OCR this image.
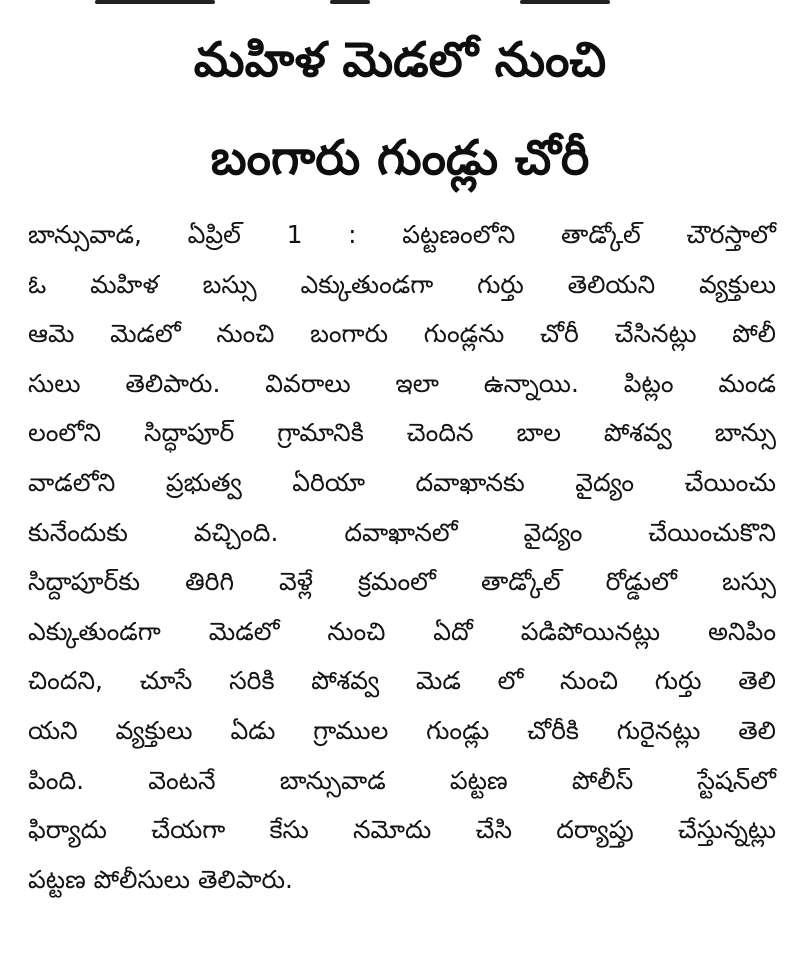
మహిళ మెడలో నుంచి
బంగారు గుండ్లు చోరీ
బాన్సువాడ, ఏప్రిల్ 1 : పట్టణంలోని తాడ్కోల్ చౌరస్తాలో
ఓ మహిళ బస్సు ఎక్కుతుండగా గుర్తు తెలియని వ్యక్తులు
ఆమె మెడలో నుంచి బంగారు గుండ్లను చోరీ చేసినట్లు పోలీ
సులు తెలిపారు. వివరాలు ఇలా ఉన్నాయి. పిట్లం మండ
లంలోని సిద్ధాపూర్ గ్రామానికి చెందిన బాల పోశవ్వ బాన్సు
వాడలోని ప్రభుత్వ ఏరియా దవాఖానకు వైద్యం చేయించు
కునేందుకు వచ్చింది. దవాఖానలో వైద్యం చేయించుకొని
సిద్దాపూర్‌కు తిరిగి వెళ్లే క్రమంలో తాడ్కోల్ రోడ్డులో బస్సు
ఎక్కుతుండగా మెడలో నుంచి ఏదో పడిపోయినట్లు అనిపిం
చిందని, చూసే సరికి పోశవ్వ మెడ లో నుంచి గుర్తు తెలి
యని వ్యక్తులు ఏడు గ్రాముల గుండ్లు చోరీకి గురైనట్లు తెలి
పింది. వెంటనే బాన్సువాడ పట్టణ పోలీస్ స్టేషన్‌లో
ఫిర్యాదు చేయగా కేసు నమోదు చేసి దర్యాప్తు చేస్తున్నట్లు
పట్టణ పోలీసులు తెలిపారు.
